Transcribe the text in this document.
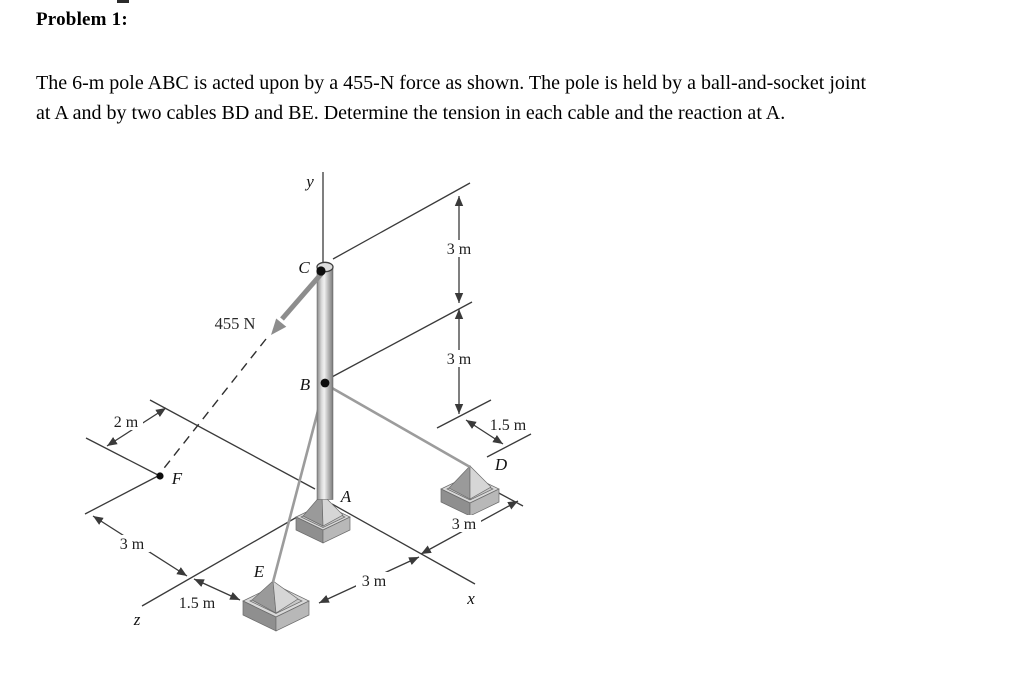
Problem 1:
The 6-m pole ABC is acted upon by a 455-N force as shown. The pole is held by a ball-and-socket joint
at A and by two cables BD and BE. Determine the tension in each cable and the reaction at A.
y
C
B
A
D
E
F
x
z
455 N
3 m
3 m
1.5 m
3 m
3 m
1.5 m
3 m
2 m
